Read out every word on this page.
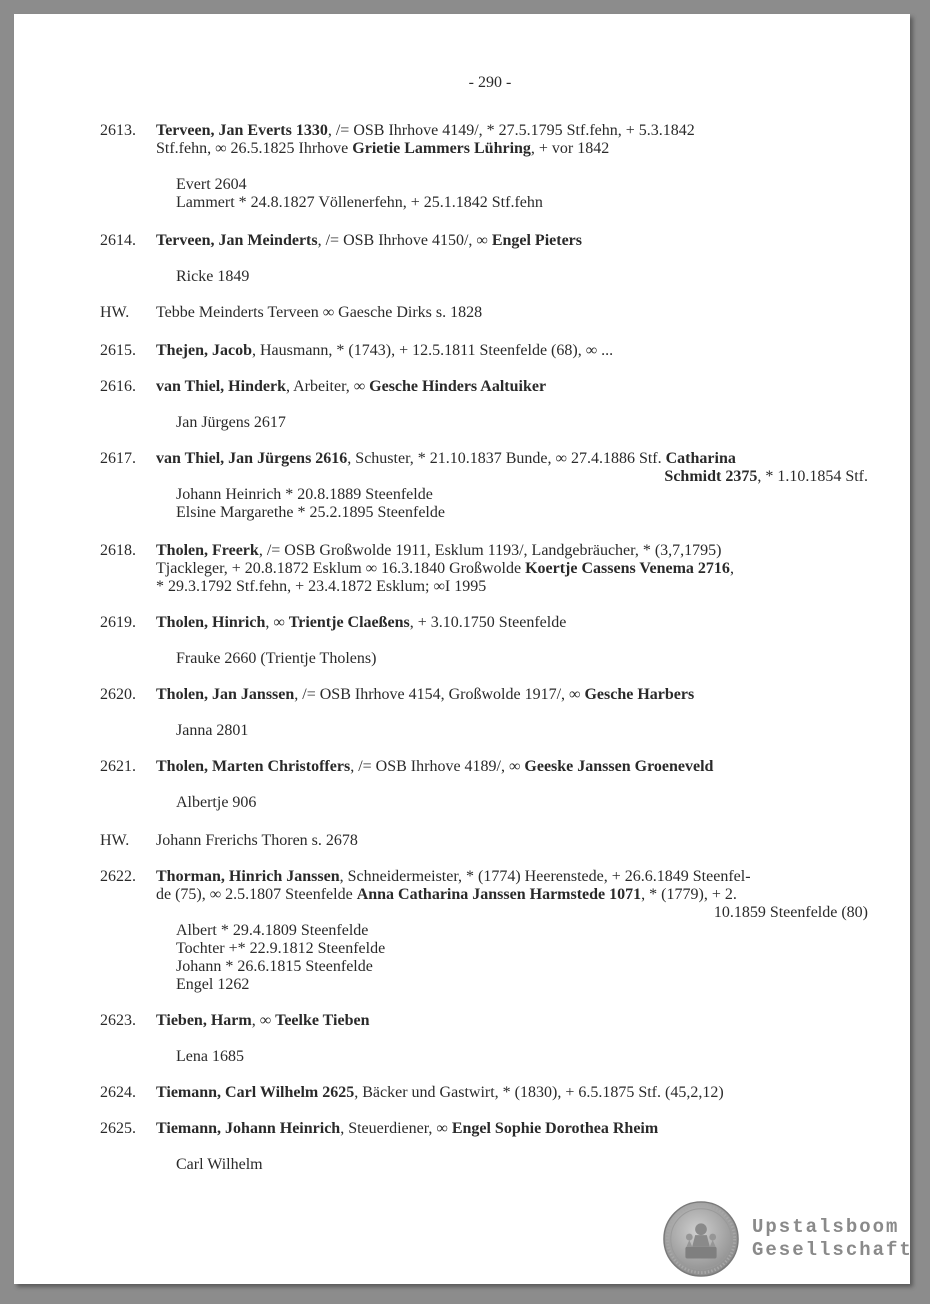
- 290 -
2613.	Terveen, Jan Everts 1330, /= OSB Ihrhove 4149/, * 27.5.1795 Stf.fehn, + 5.3.1842
Stf.fehn, ∞ 26.5.1825 Ihrhove Grietie Lammers Lühring, + vor 1842
Evert 2604
Lammert * 24.8.1827 Völlenerfehn, + 25.1.1842 Stf.fehn
2614.	Terveen, Jan Meinderts, /= OSB Ihrhove 4150/, ∞ Engel Pieters
Ricke 1849
HW.	Tebbe Meinderts Terveen ∞ Gaesche Dirks s. 1828
2615.	Thejen, Jacob, Hausmann, * (1743), + 12.5.1811 Steenfelde (68), ∞ ...
2616.	van Thiel, Hinderk, Arbeiter, ∞ Gesche Hinders Aaltuiker
Jan Jürgens 2617
2617.	van Thiel, Jan Jürgens 2616, Schuster, * 21.10.1837 Bunde, ∞ 27.4.1886 Stf. Catharina
Schmidt 2375, * 1.10.1854 Stf.
Johann Heinrich * 20.8.1889 Steenfelde
Elsine Margarethe * 25.2.1895 Steenfelde
2618.	Tholen, Freerk, /= OSB Großwolde 1911, Esklum 1193/, Landgebräucher, * (3,7,1795)
Tjackleger, + 20.8.1872 Esklum ∞ 16.3.1840 Großwolde Koertje Cassens Venema 2716,
* 29.3.1792 Stf.fehn, + 23.4.1872 Esklum; ∞I 1995
2619.	Tholen, Hinrich, ∞ Trientje Claeßens, + 3.10.1750 Steenfelde
Frauke 2660 (Trientje Tholens)
2620.	Tholen, Jan Janssen, /= OSB Ihrhove 4154, Großwolde 1917/, ∞ Gesche Harbers
Janna 2801
2621.	Tholen, Marten Christoffers, /= OSB Ihrhove 4189/, ∞ Geeske Janssen Groeneveld
Albertje 906
HW.	Johann Frerichs Thoren s. 2678
2622.	Thorman, Hinrich Janssen, Schneidermeister, * (1774) Heerenstede, + 26.6.1849 Steenfel-
de (75), ∞ 2.5.1807 Steenfelde Anna Catharina Janssen Harmstede 1071, * (1779), + 2.
10.1859 Steenfelde (80)
Albert * 29.4.1809 Steenfelde
Tochter +* 22.9.1812 Steenfelde
Johann * 26.6.1815 Steenfelde
Engel 1262
2623.	Tieben, Harm, ∞ Teelke Tieben
Lena 1685
2624.	Tiemann, Carl Wilhelm 2625, Bäcker und Gastwirt, * (1830), + 6.5.1875 Stf. (45,2,12)
2625.	Tiemann, Johann Heinrich, Steuerdiener, ∞ Engel Sophie Dorothea Rheim
Carl Wilhelm
Upstalsboom
Gesellschaft
